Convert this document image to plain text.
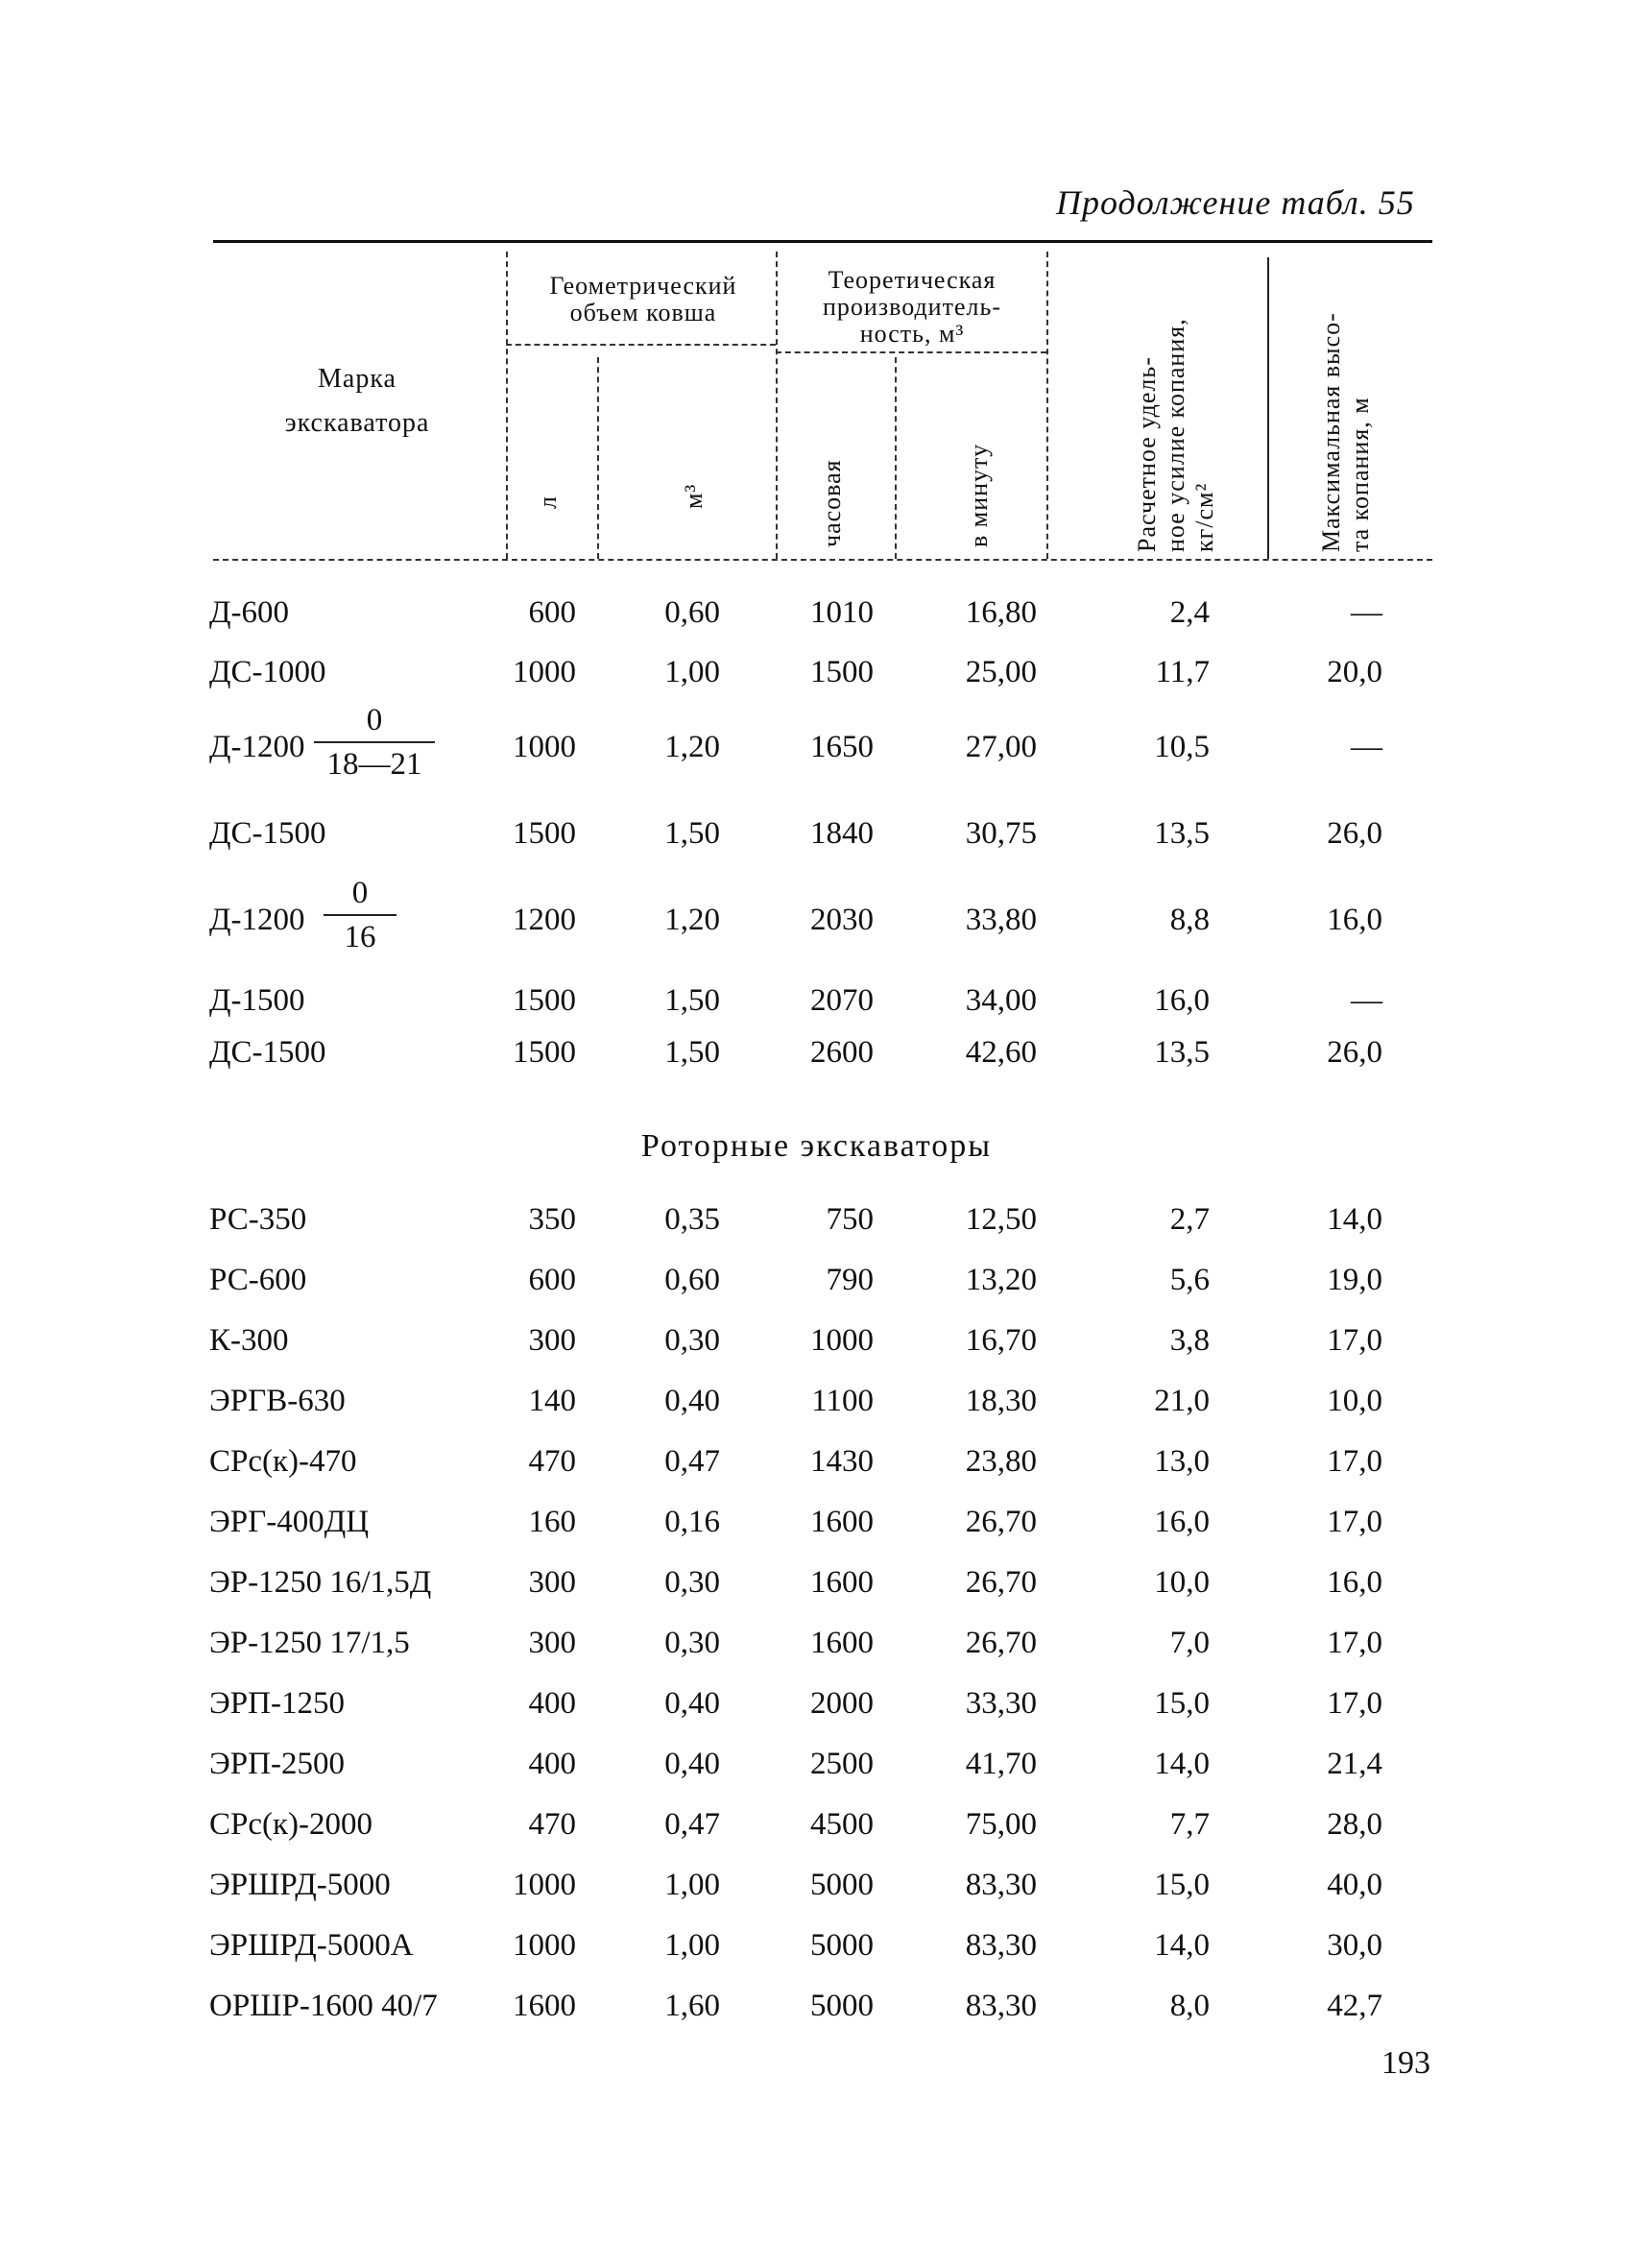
Продолжение табл. 55
Марка
экскаватора
Геометрический
объем ковша
Теоретическая
производитель-
ность, м³
л	м³	часовая	в минуту	Расчетное удель- ное усилие копания, кг/см²	Максимальная высо- та копания, м
Д-600	600	0,60	1010	16,80	2,4	—
ДС-1000	1000	1,00	1500	25,00	11,7	20,0
Д-1200	1000	1,20	1650	27,00	10,5	—
0
18—21
ДС-1500	1500	1,50	1840	30,75	13,5	26,0
Д-1200	1200	1,20	2030	33,80	8,8	16,0
0
16
Д-1500	1500	1,50	2070	34,00	16,0	—
ДС-1500	1500	1,50	2600	42,60	13,5	26,0
Роторные экскаваторы
РС-350	350	0,35	750	12,50	2,7	14,0
РС-600	600	0,60	790	13,20	5,6	19,0
К-300	300	0,30	1000	16,70	3,8	17,0
ЭРГВ-630	140	0,40	1100	18,30	21,0	10,0
СРс(к)-470	470	0,47	1430	23,80	13,0	17,0
ЭРГ-400ДЦ	160	0,16	1600	26,70	16,0	17,0
ЭР-1250 16/1,5Д	300	0,30	1600	26,70	10,0	16,0
ЭР-1250 17/1,5	300	0,30	1600	26,70	7,0	17,0
ЭРП-1250	400	0,40	2000	33,30	15,0	17,0
ЭРП-2500	400	0,40	2500	41,70	14,0	21,4
СРс(к)-2000	470	0,47	4500	75,00	7,7	28,0
ЭРШРД-5000	1000	1,00	5000	83,30	15,0	40,0
ЭРШРД-5000А	1000	1,00	5000	83,30	14,0	30,0
ОРШР-1600 40/7	1600	1,60	5000	83,30	8,0	42,7
193
